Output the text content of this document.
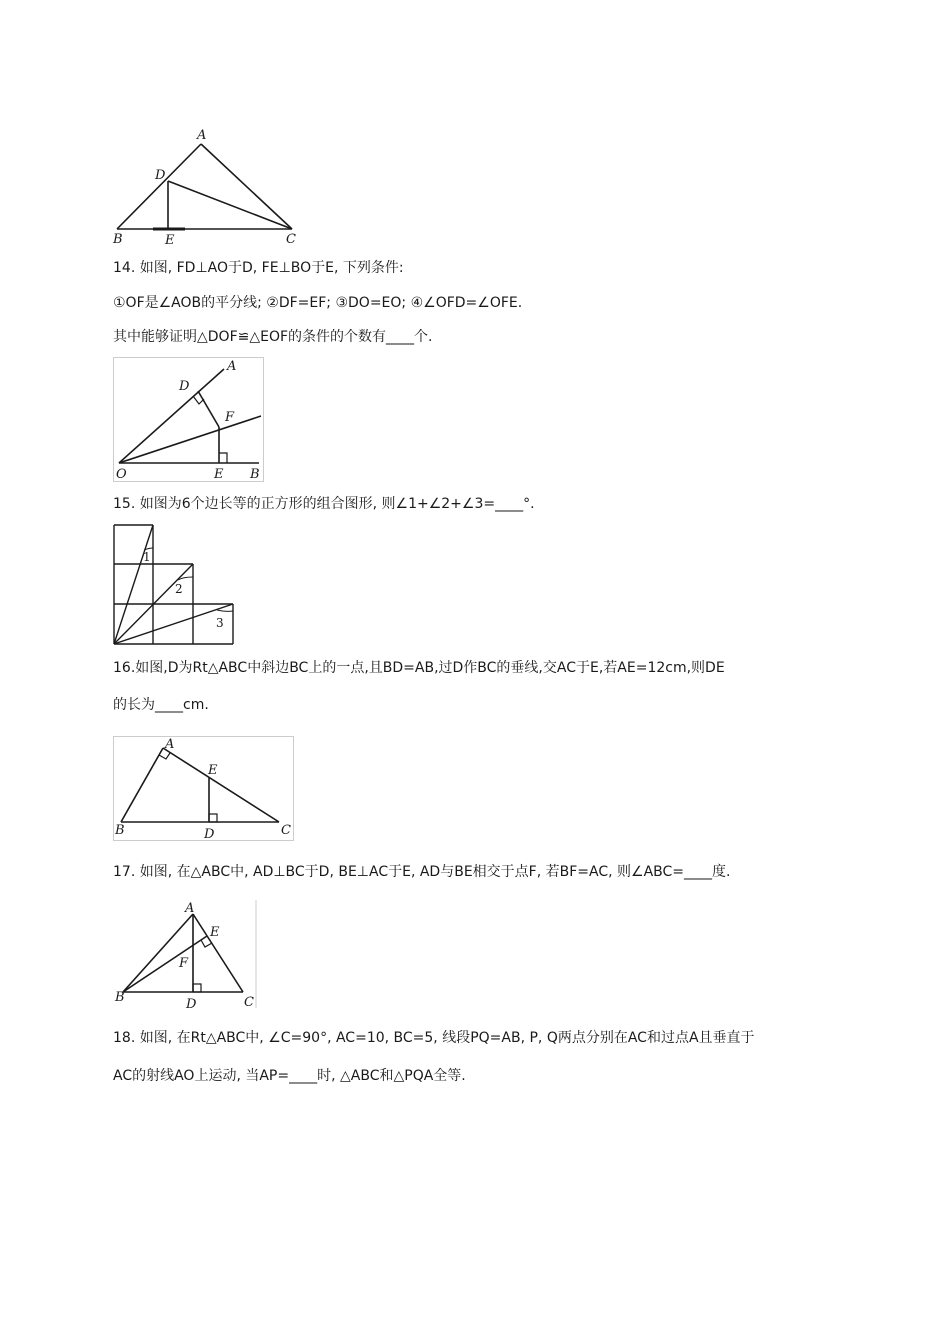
A
D
B	E	C
14. 如图, FD⊥AO于D, FE⊥BO于E, 下列条件:
①OF是∠AOB的平分线; ②DF=EF; ③DO=EO; ④∠OFD=∠OFE.
其中能够证明△DOF≌△EOF的条件的个数有____个.
D
A
F
O	E B
15. 如图为6个边长等的正方形的组合图形, 则∠1+∠2+∠3=____°.
1
2
3
16.如图,D为Rt△ABC中斜边BC上的一点,且BD=AB,过D作BC的垂线,交AC于E,若AE=12cm,则DE
的长为____cm.
A
E
B	D	C
17. 如图, 在△ABC中, AD⊥BC于D, BE⊥AC于E, AD与BE相交于点F, 若BF=AC, 则∠ABC=____度.
A
E
F
B	D	C
18. 如图, 在Rt△ABC中, ∠C=90°, AC=10, BC=5, 线段PQ=AB, P, Q两点分别在AC和过点A且垂直于
AC的射线AO上运动, 当AP=____时, △ABC和△PQA全等.
